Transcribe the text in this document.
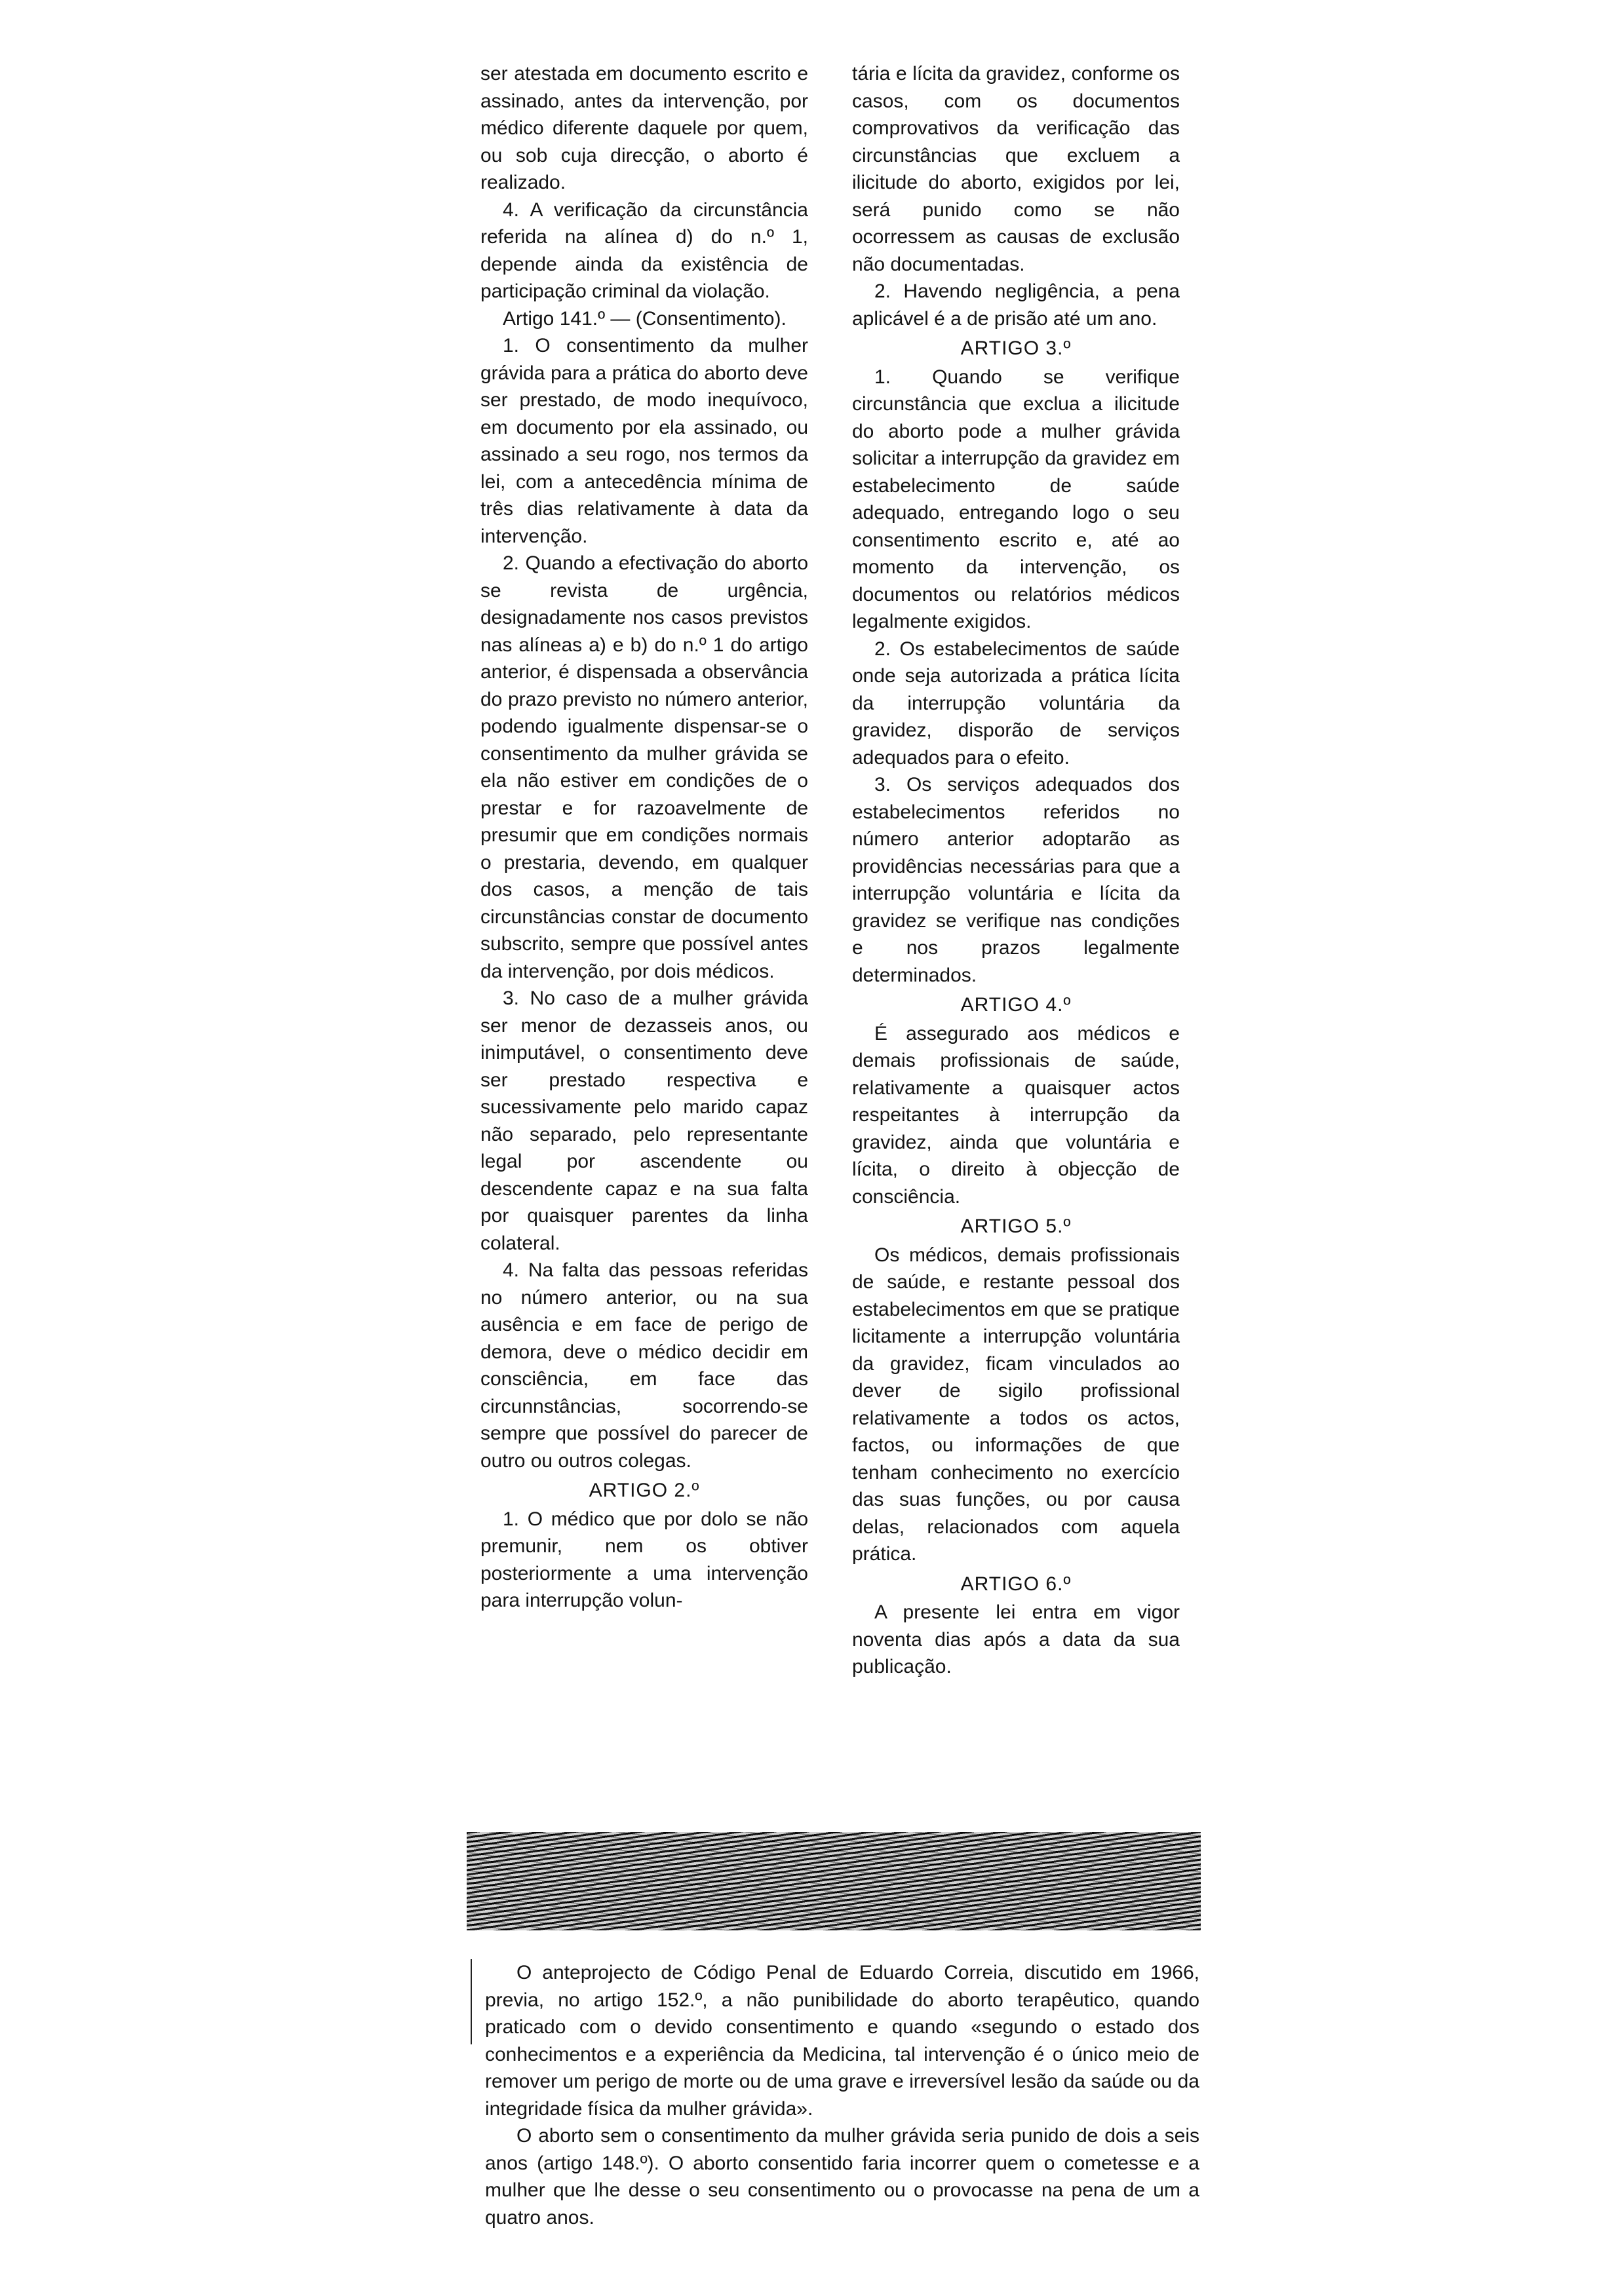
ser atestada em documento escrito e assinado, antes da intervenção, por médico diferente daquele por quem, ou sob cuja direcção, o aborto é realizado.

4. A verificação da circunstância referida na alínea d) do n.º 1, depende ainda da existência de participação criminal da violação.

Artigo 141.º — (Consentimento).

1. O consentimento da mulher grávida para a prática do aborto deve ser prestado, de modo inequívoco, em documento por ela assinado, ou assinado a seu rogo, nos termos da lei, com a antecedência mínima de três dias relativamente à data da intervenção.

2. Quando a efectivação do aborto se revista de urgência, designadamente nos casos previstos nas alíneas a) e b) do n.º 1 do artigo anterior, é dispensada a observância do prazo previsto no número anterior, podendo igualmente dispensar-se o consentimento da mulher grávida se ela não estiver em condições de o prestar e for razoavelmente de presumir que em condições normais o prestaria, devendo, em qualquer dos casos, a menção de tais circunstâncias constar de documento subscrito, sempre que possível antes da intervenção, por dois médicos.

3. No caso de a mulher grávida ser menor de dezasseis anos, ou inimputável, o consentimento deve ser prestado respectiva e sucessivamente pelo marido capaz não separado, pelo representante legal por ascendente ou descendente capaz e na sua falta por quaisquer parentes da linha colateral.

4. Na falta das pessoas referidas no número anterior, ou na sua ausência e em face de perigo de demora, deve o médico decidir em consciência, em face das circunnstâncias, socorrendo-se sempre que possível do parecer de outro ou outros colegas.

ARTIGO 2.º

1. O médico que por dolo se não premunir, nem os obtiver posteriormente a uma intervenção para interrupção volun-

tária e lícita da gravidez, conforme os casos, com os documentos comprovativos da verificação das circunstâncias que excluem a ilicitude do aborto, exigidos por lei, será punido como se não ocorressem as causas de exclusão não documentadas.

2. Havendo negligência, a pena aplicável é a de prisão até um ano.

ARTIGO 3.º

1. Quando se verifique circunstância que exclua a ilicitude do aborto pode a mulher grávida solicitar a interrupção da gravidez em estabelecimento de saúde adequado, entregando logo o seu consentimento escrito e, até ao momento da intervenção, os documentos ou relatórios médicos legalmente exigidos.

2. Os estabelecimentos de saúde onde seja autorizada a prática lícita da interrupção voluntária da gravidez, disporão de serviços adequados para o efeito.

3. Os serviços adequados dos estabelecimentos referidos no número anterior adoptarão as providências necessárias para que a interrupção voluntária e lícita da gravidez se verifique nas condições e nos prazos legalmente determinados.

ARTIGO 4.º

É assegurado aos médicos e demais profissionais de saúde, relativamente a quaisquer actos respeitantes à interrupção da gravidez, ainda que voluntária e lícita, o direito à objecção de consciência.

ARTIGO 5.º

Os médicos, demais profissionais de saúde, e restante pessoal dos estabelecimentos em que se pratique licitamente a interrupção voluntária da gravidez, ficam vinculados ao dever de sigilo profissional relativamente a todos os actos, factos, ou informações de que tenham conhecimento no exercício das suas funções, ou por causa delas, relacionados com aquela prática.

ARTIGO 6.º

A presente lei entra em vigor noventa dias após a data da sua publicação.

O anteprojecto de Código Penal de Eduardo Correia, discutido em 1966, previa, no artigo 152.º, a não punibilidade do aborto terapêutico, quando praticado com o devido consentimento e quando «segundo o estado dos conhecimentos e a experiência da Medicina, tal intervenção é o único meio de remover um perigo de morte ou de uma grave e irreversível lesão da saúde ou da integridade física da mulher grávida».

O aborto sem o consentimento da mulher grávida seria punido de dois a seis anos (artigo 148.º). O aborto consentido faria incorrer quem o cometesse e a mulher que lhe desse o seu consentimento ou o provocasse na pena de um a quatro anos.
